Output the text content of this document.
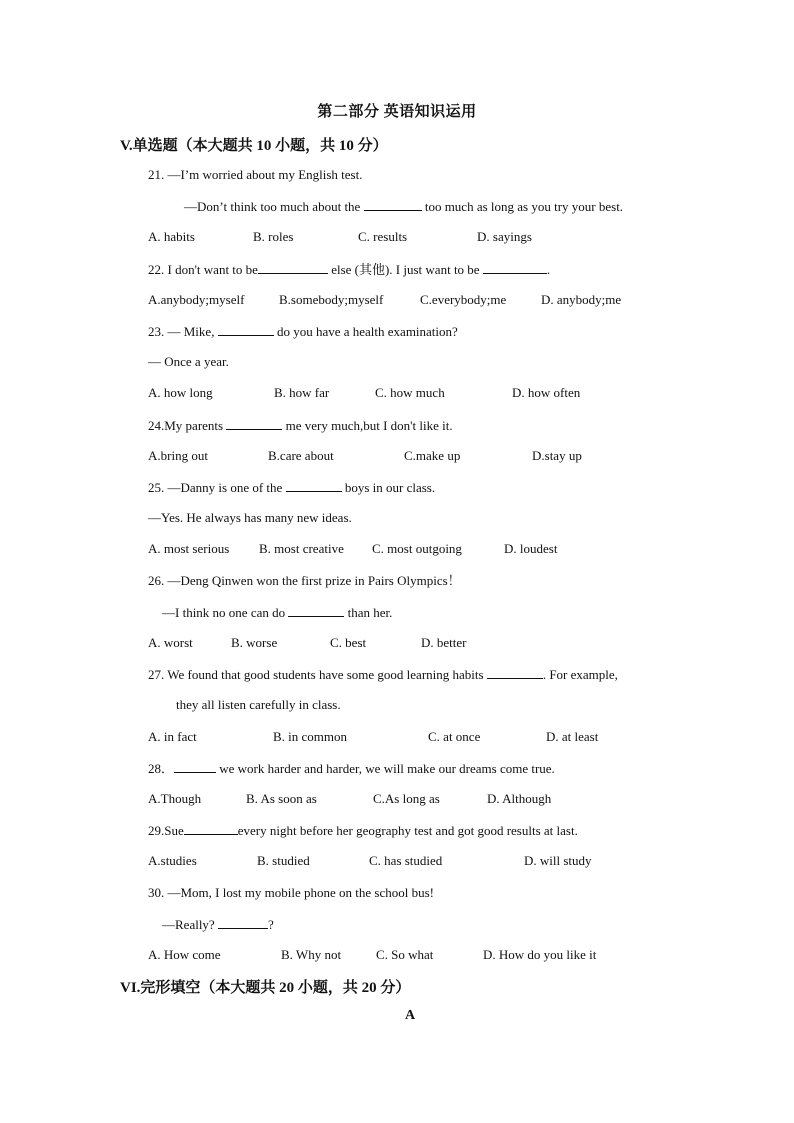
第二部分 英语知识运用
V.单选题（本大题共 10 小题，共 10 分）
21. —I’m worried about my English test.
—Don’t think too much about the	too much as long as you try your best.
A. habits	B. roles	C. results	D. sayings
22. I don't want to be	else (其他). I just want to be	.
A.anybody;myself	B.somebody;myself	C.everybody;me	D. anybody;me
23. — Mike,	do you have a health examination?
— Once a year.
A. how long	B. how far	C. how much	D. how often
24.My parents	me very much,but I don't like it.
A.bring out	B.care about	C.make up	D.stay up
25. —Danny is one of the	boys in our class.
—Yes. He always has many new ideas.
A. most serious B. most creative C. most outgoing	D. loudest
26. —Deng Qinwen won the first prize in Pairs Olympics！
—I think no one can do	than her.
A. worst	B. worse	C. best	D. better
27. We found that good students have some good learning habits	. For example,
they all listen carefully in class.
A. in fact	B. in common	C. at once	D. at least
28．	we work harder and harder, we will make our dreams come true.
A.Though	B. As soon as	C.As long as	D. Although
29.Sue	every night before her geography test and got good results at last.
A.studies	B. studied	C. has studied	D. will study
30. —Mom, I lost my mobile phone on the school bus!
—Really?	?
A. How come	B. Why not	C. So what	D. How do you like it
VI.完形填空（本大题共 20 小题，共 20 分）
A
